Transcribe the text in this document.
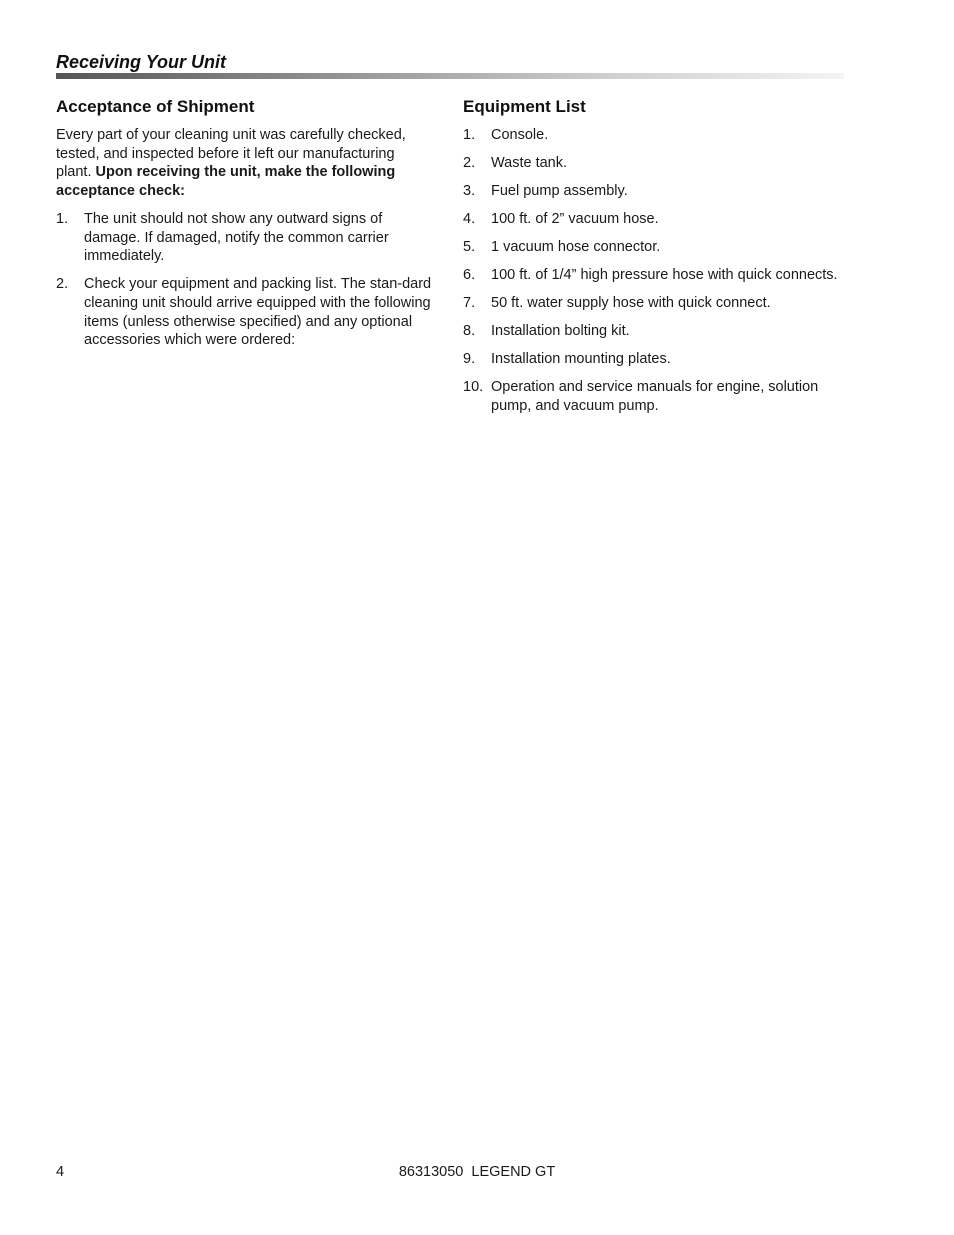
Receiving Your Unit
Acceptance of Shipment

Every part of your cleaning unit was carefully checked, tested, and inspected before it left our manufacturing plant. Upon receiving the unit, make the following acceptance check:

1.	The unit should not show any outward signs of damage. If damaged, notify the common carrier immediately.
2.	Check your equipment and packing list. The stan-dard cleaning unit should arrive equipped with the following items (unless otherwise specified) and any optional accessories which were ordered:
Equipment List
1.	Console.
2.	Waste tank.
3.	Fuel pump assembly.
4.	100 ft. of 2” vacuum hose.
5.	1 vacuum hose connector.
6.	100 ft. of 1/4” high pressure hose with quick connects.
7.	50 ft. water supply hose with quick connect.
8.	Installation bolting kit.
9.	Installation mounting plates.
10. Operation and service manuals for engine, solution pump, and vacuum pump.
4	86313050  LEGEND GT
